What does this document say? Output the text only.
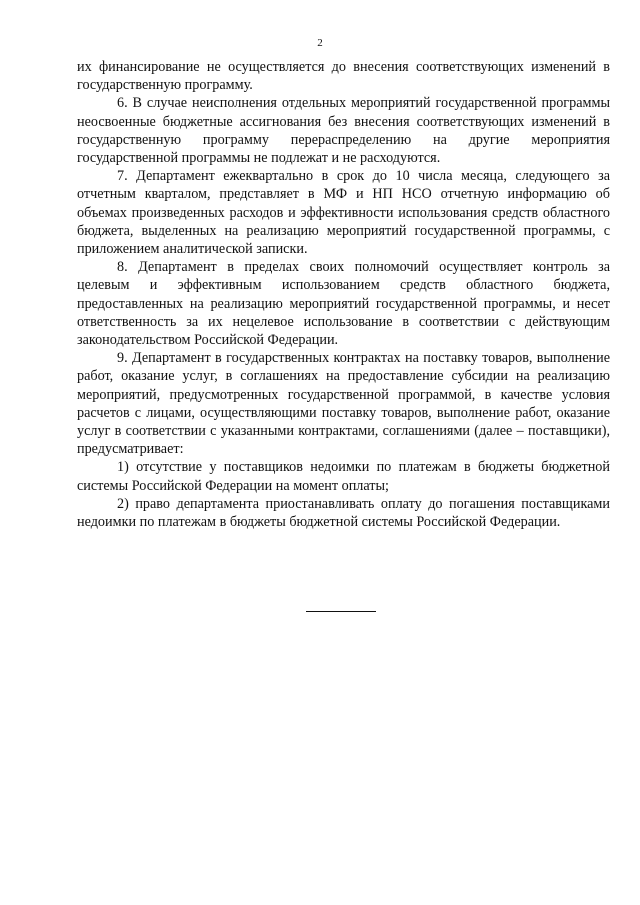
2

их финансирование не осуществляется до внесения соответствующих изменений в государственную программу.

6. В случае неисполнения отдельных мероприятий государственной программы неосвоенные бюджетные ассигнования без внесения соответствующих изменений в государственную программу перераспределению на другие мероприятия государственной программы не подлежат и не расходуются.

7. Департамент ежеквартально в срок до 10 числа месяца, следующего за отчетным кварталом, представляет в МФ и НП НСО отчетную информацию об объемах произведенных расходов и эффективности использования средств областного бюджета, выделенных на реализацию мероприятий государственной программы, с приложением аналитической записки.

8. Департамент в пределах своих полномочий осуществляет контроль за целевым и эффективным использованием средств областного бюджета, предоставленных на реализацию мероприятий государственной программы, и несет ответственность за их нецелевое использование в соответствии с действующим законодательством Российской Федерации.

9. Департамент в государственных контрактах на поставку товаров, выполнение работ, оказание услуг, в соглашениях на предоставление субсидии на реализацию мероприятий, предусмотренных государственной программой, в качестве условия расчетов с лицами, осуществляющими поставку товаров, выполнение работ, оказание услуг в соответствии с указанными контрактами, соглашениями (далее – поставщики), предусматривает:

1) отсутствие у поставщиков недоимки по платежам в бюджеты бюджетной системы Российской Федерации на момент оплаты;

2) право департамента приостанавливать оплату до погашения поставщиками недоимки по платежам в бюджеты бюджетной системы Российской Федерации.
